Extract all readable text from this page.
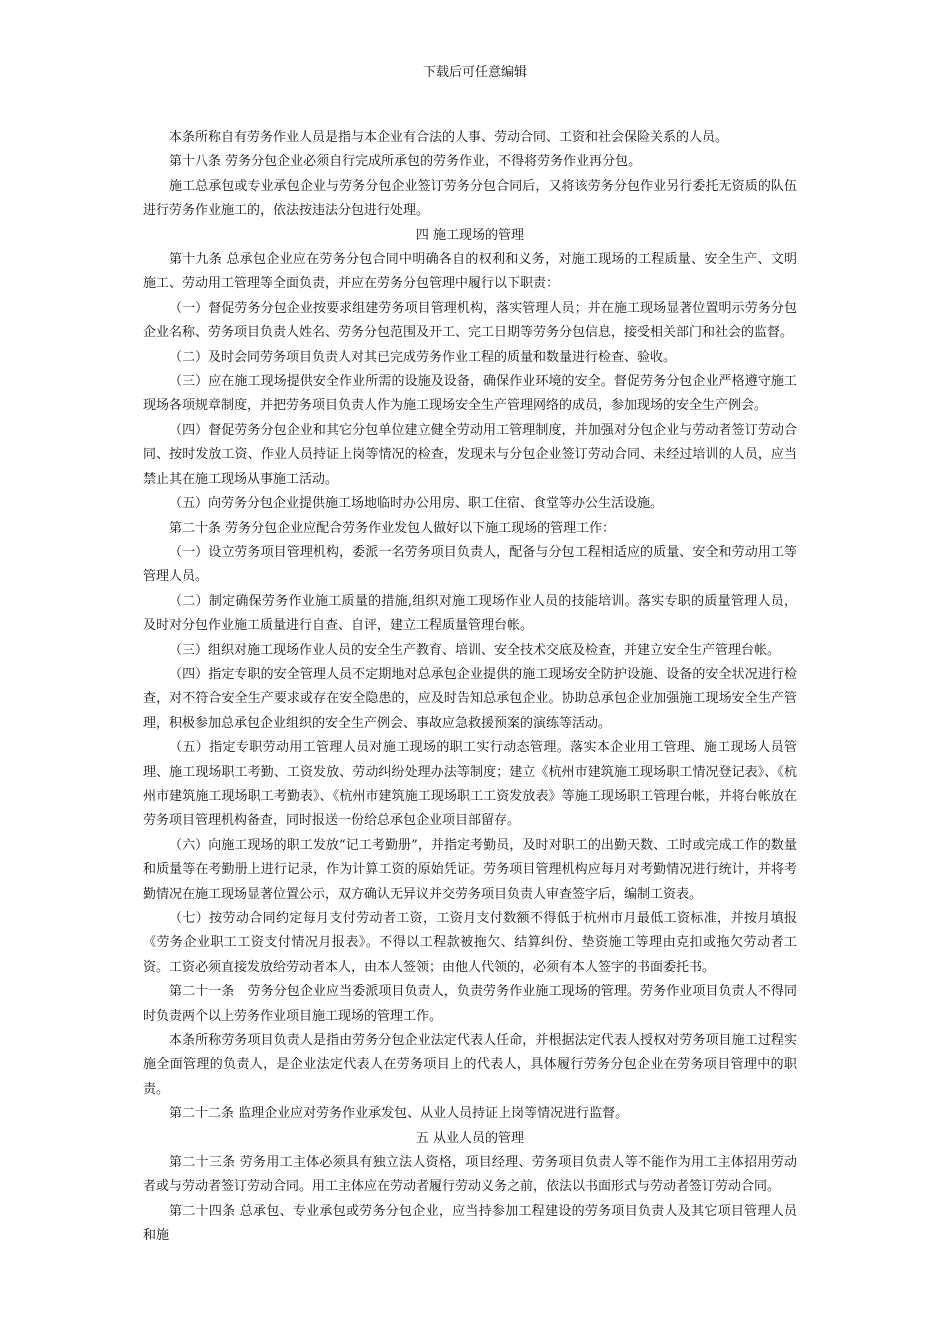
下载后可任意编辑

本条所称自有劳务作业人员是指与本企业有合法的人事、劳动合同、工资和社会保险关系的人员。

第十八条 劳务分包企业必须自行完成所承包的劳务作业，不得将劳务作业再分包。

施工总承包或专业承包企业与劳务分包企业签订劳务分包合同后，又将该劳务分包作业另行委托无资质的队伍进行劳务作业施工的，依法按违法分包进行处理。

四 施工现场的管理

第十九条 总承包企业应在劳务分包合同中明确各自的权利和义务，对施工现场的工程质量、安全生产、文明施工、劳动用工管理等全面负责，并应在劳务分包管理中履行以下职责：

（一）督促劳务分包企业按要求组建劳务项目管理机构，落实管理人员；并在施工现场显著位置明示劳务分包企业名称、劳务项目负责人姓名、劳务分包范围及开工、完工日期等劳务分包信息，接受相关部门和社会的监督。

（二）及时会同劳务项目负责人对其已完成劳务作业工程的质量和数量进行检查、验收。

（三）应在施工现场提供安全作业所需的设施及设备，确保作业环境的安全。督促劳务分包企业严格遵守施工现场各项规章制度，并把劳务项目负责人作为施工现场安全生产管理网络的成员，参加现场的安全生产例会。

（四）督促劳务分包企业和其它分包单位建立健全劳动用工管理制度，并加强对分包企业与劳动者签订劳动合同、按时发放工资、作业人员持证上岗等情况的检查，发现未与分包企业签订劳动合同、未经过培训的人员，应当禁止其在施工现场从事施工活动。

（五）向劳务分包企业提供施工场地临时办公用房、职工住宿、食堂等办公生活设施。

第二十条 劳务分包企业应配合劳务作业发包人做好以下施工现场的管理工作：

（一）设立劳务项目管理机构，委派一名劳务项目负责人，配备与分包工程相适应的质量、安全和劳动用工等管理人员。

（二）制定确保劳务作业施工质量的措施,组织对施工现场作业人员的技能培训。落实专职的质量管理人员，及时对分包作业施工质量进行自查、自评，建立工程质量管理台帐。

（三）组织对施工现场作业人员的安全生产教育、培训、安全技术交底及检查，并建立安全生产管理台帐。

（四）指定专职的安全管理人员不定期地对总承包企业提供的施工现场安全防护设施、设备的安全状况进行检查，对不符合安全生产要求或存在安全隐患的，应及时告知总承包企业。协助总承包企业加强施工现场安全生产管理，积极参加总承包企业组织的安全生产例会、事故应急救援预案的演练等活动。

（五）指定专职劳动用工管理人员对施工现场的职工实行动态管理。落实本企业用工管理、施工现场人员管理、施工现场职工考勤、工资发放、劳动纠纷处理办法等制度；建立《杭州市建筑施工现场职工情况登记表》、《杭州市建筑施工现场职工考勤表》、《杭州市建筑施工现场职工工资发放表》等施工现场职工管理台帐，并将台帐放在劳务项目管理机构备查，同时报送一份给总承包企业项目部留存。

（六）向施工现场的职工发放“记工考勤册”，并指定考勤员，及时对职工的出勤天数、工时或完成工作的数量和质量等在考勤册上进行记录，作为计算工资的原始凭证。劳务项目管理机构应每月对考勤情况进行统计，并将考勤情况在施工现场显著位置公示，双方确认无异议并交劳务项目负责人审查签字后，编制工资表。

（七）按劳动合同约定每月支付劳动者工资，工资月支付数额不得低于杭州市月最低工资标准，并按月填报《劳务企业职工工资支付情况月报表》。不得以工程款被拖欠、结算纠份、垫资施工等理由克扣或拖欠劳动者工资。工资必须直接发放给劳动者本人，由本人签领；由他人代领的，必须有本人签字的书面委托书。

第二十一条　劳务分包企业应当委派项目负责人，负责劳务作业施工现场的管理。劳务作业项目负责人不得同时负责两个以上劳务作业项目施工现场的管理工作。

本条所称劳务项目负责人是指由劳务分包企业法定代表人任命，并根据法定代表人授权对劳务项目施工过程实施全面管理的负责人，是企业法定代表人在劳务项目上的代表人，具体履行劳务分包企业在劳务项目管理中的职责。

第二十二条 监理企业应对劳务作业承发包、从业人员持证上岗等情况进行监督。

五 从业人员的管理

第二十三条 劳务用工主体必须具有独立法人资格，项目经理、劳务项目负责人等不能作为用工主体招用劳动者或与劳动者签订劳动合同。用工主体应在劳动者履行劳动义务之前，依法以书面形式与劳动者签订劳动合同。

第二十四条 总承包、专业承包或劳务分包企业，应当持参加工程建设的劳务项目负责人及其它项目管理人员和施
